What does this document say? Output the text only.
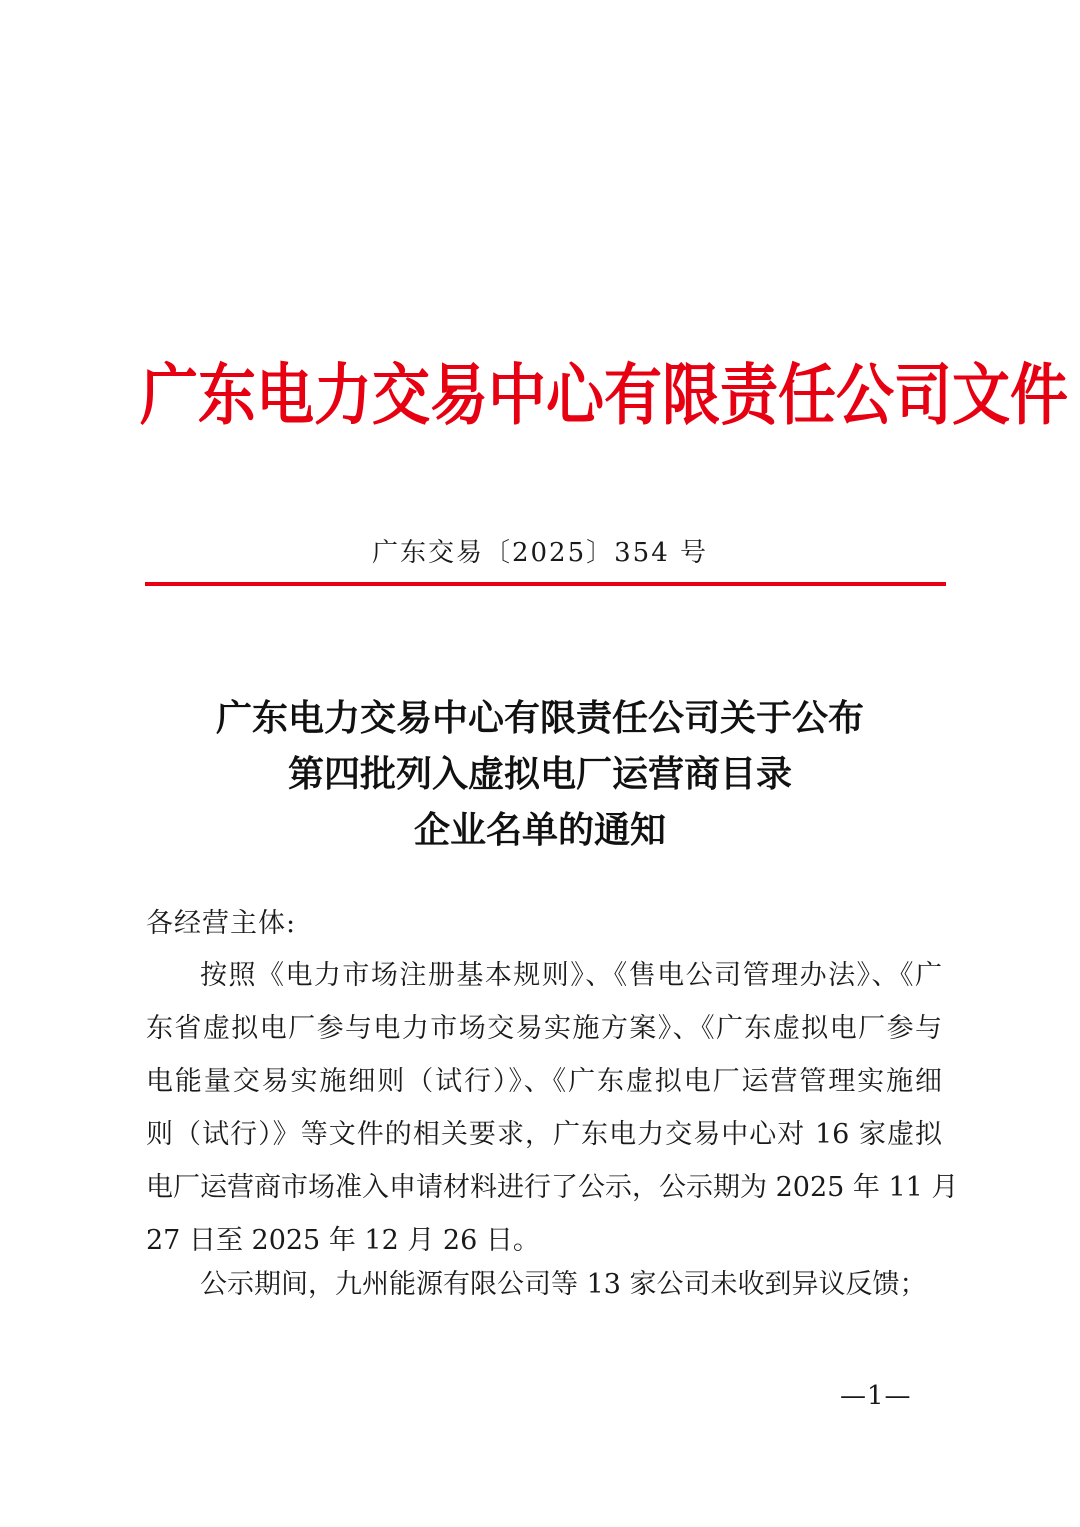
广东电力交易中心有限责任公司文件
广东交易〔2025〕354 号
广东电力交易中心有限责任公司关于公布
第四批列入虚拟电厂运营商目录
企业名单的通知
各经营主体:
按照《电力市场注册基本规则》、《售电公司管理办法》、《广
东省虚拟电厂参与电力市场交易实施方案》、《广东虚拟电厂参与
电能量交易实施细则（试行）》、《广东虚拟电厂运营管理实施细
则（试行）》等文件的相关要求，广东电力交易中心对 16 家虚拟
电厂运营商市场准入申请材料进行了公示，公示期为 2025 年 11 月
27 日至 2025 年 12 月 26 日。
公示期间，九州能源有限公司等 13 家公司未收到异议反馈；
—1—
